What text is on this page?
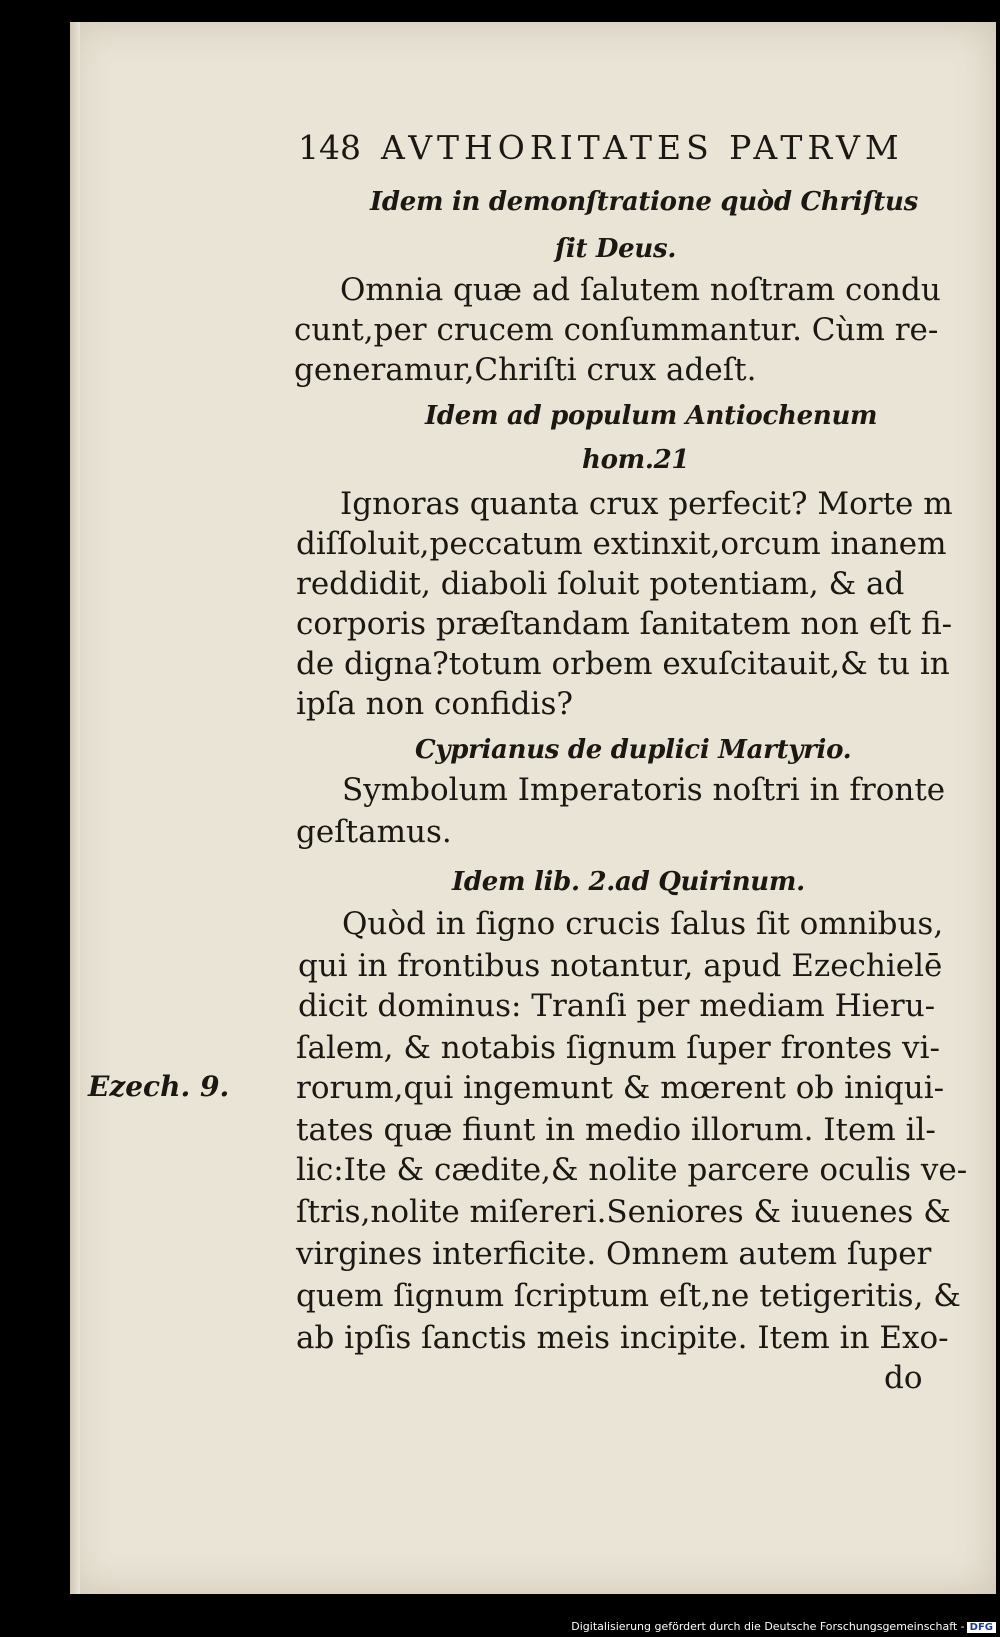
148 AVTHORITATES PATRVM
Idem in demonſtratione quòd Chriſtus
ſit Deus.
Omnia quæ ad ſalutem noſtram condu
cunt,per crucem conſummantur. Cùm re-
generamur,Chriſti crux adeſt.
Idem ad populum Antiochenum
hom.21
Ignoras quanta crux perfecit? Morte m
diſſoluit,peccatum extinxit,orcum inanem
reddidit, diaboli ſoluit potentiam, & ad
corporis præſtandam ſanitatem non eſt fi-
de digna?totum orbem exuſcitauit,& tu in
ipſa non confidis?
Cyprianus de duplici Martyrio.
Symbolum Imperatoris noſtri in fronte
geſtamus.
Idem lib. 2.ad Quirinum.
Quòd in ſigno crucis ſalus ſit omnibus,
qui in frontibus notantur, apud Ezechielē
dicit dominus: Tranſi per mediam Hieru-
ſalem, & notabis ſignum ſuper frontes vi-
rorum,qui ingemunt & mœrent ob iniqui-
tates quæ fiunt in medio illorum. Item il-
lic:Ite & cædite,& nolite parcere oculis ve-
ſtris,nolite miſereri.Seniores & iuuenes &
virgines interficite. Omnem autem ſuper
quem ſignum ſcriptum eſt,ne tetigeritis, &
ab ipſis ſanctis meis incipite. Item in Exo-
do
Ezech. 9.
Digitalisierung gefördert durch die Deutsche Forschungsgemeinschaft - DFG
